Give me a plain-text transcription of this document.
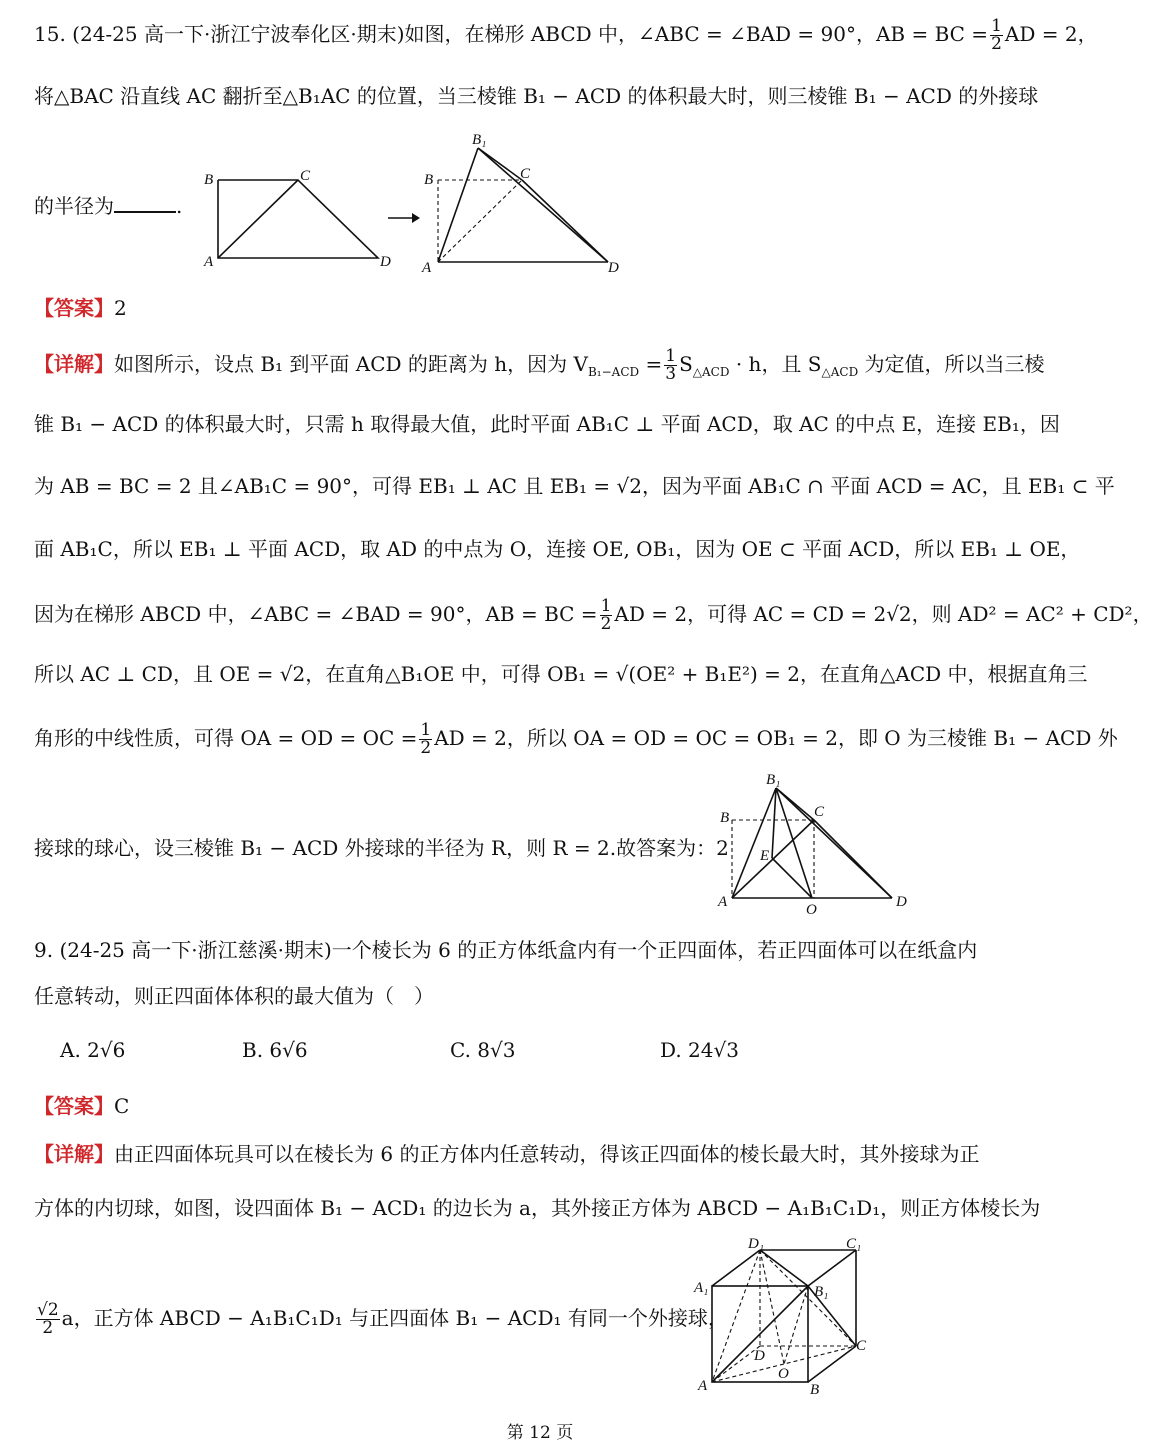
15. (24-25 高一下·浙江宁波奉化区·期末)如图，在梯形 ABCD 中，∠ABC = ∠BAD = 90°，AB = BC = $\frac{1}{2}$ AD = 2，
将△BAC 沿直线 AC 翻折至△B₁AC 的位置，当三棱锥 B₁ − ACD 的体积最大时，则三棱锥 B₁ − ACD 的外接球
的半径为	.
B	C
A	D
B₁
B	C
A	D
【答案】2
【详解】如图所示，设点 B₁ 到平面 ACD 的距离为 h，因为 $V_{B_1-ACD} = \frac{1}{3} S_{\triangle ACD} \cdot h$，且 $S_{\triangle ACD}$ 为定值，所以当三棱
锥 B₁ − ACD 的体积最大时，只需 h 取得最大值，此时平面 AB₁C ⊥ 平面 ACD，取 AC 的中点 E，连接 EB₁，因
为 AB = BC = 2 且∠AB₁C = 90°，可得 EB₁ ⊥ AC 且 EB₁ = √2，因为平面 AB₁C ∩ 平面 ACD = AC，且 EB₁ ⊂ 平
面 AB₁C，所以 EB₁ ⊥ 平面 ACD，取 AD 的中点为 O，连接 OE, OB₁，因为 OE ⊂ 平面 ACD，所以 EB₁ ⊥ OE，
因为在梯形 ABCD 中，∠ABC = ∠BAD = 90°，AB = BC = $\frac{1}{2}$ AD = 2，可得 AC = CD = 2√2，则 AD² = AC² + CD²，
所以 AC ⊥ CD，且 OE = √2，在直角△B₁OE 中，可得 OB₁ = √(OE² + B₁E²) = 2，在直角△ACD 中，根据直角三
角形的中线性质，可得 OA = OD = OC = $\frac{1}{2}$ AD = 2，所以 OA = OD = OC = OB₁ = 2，即 O 为三棱锥 B₁ − ACD 外
接球的球心，设三棱锥 B₁ − ACD 外接球的半径为 R，则 R = 2.故答案为：2
B₁
B	C
E
A	O	D
9. (24-25 高一下·浙江慈溪·期末)一个棱长为 6 的正方体纸盒内有一个正四面体，若正四面体可以在纸盒内
任意转动，则正四面体体积的最大值为（　）
A. 2√6	B. 6√6	C. 8√3	D. 24√3
【答案】C
【详解】由正四面体玩具可以在棱长为 6 的正方体内任意转动，得该正四面体的棱长最大时，其外接球为正
方体的内切球，如图，设四面体 B₁ − ACD₁ 的边长为 a，其外接正方体为 ABCD − A₁B₁C₁D₁，则正方体棱长为
$\frac{√2}{2}$ a，正方体 ABCD − A₁B₁C₁D₁ 与正四面体 B₁ − ACD₁ 有同一个外接球，
D₁	C₁
A₁	B₁
D
C
O
A	B
第 12 页
